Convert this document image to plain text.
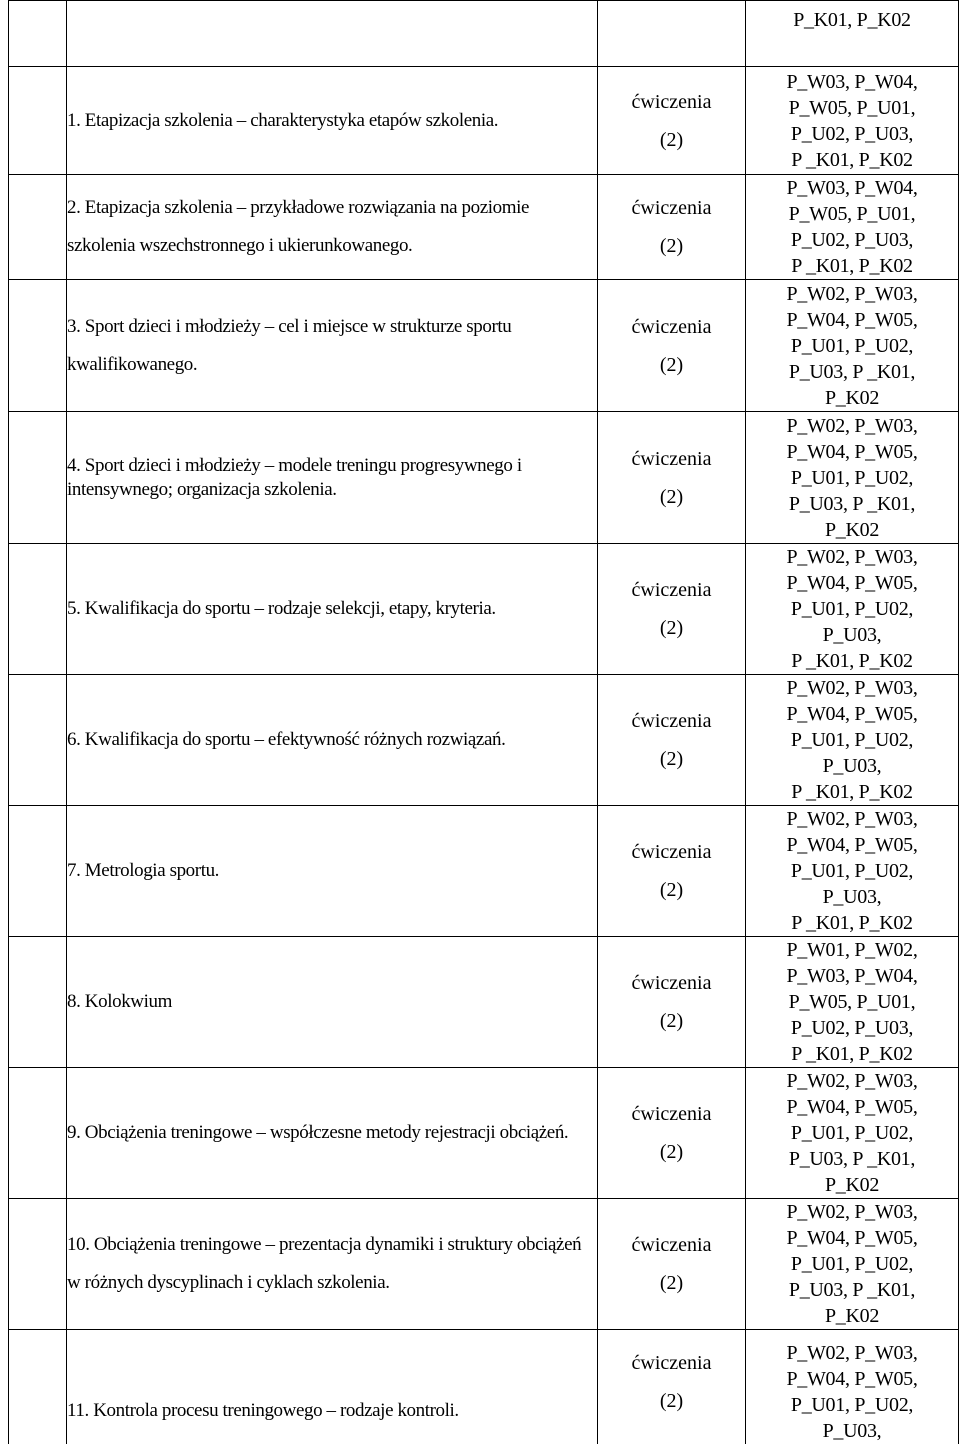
			P_K01, P_K02

	1. Etapizacja szkolenia – charakterystyka etapów szkolenia.	ćwiczenia
(2)	P_W03, P_W04,
P_W05, P_U01,
P_U02, P_U03,
P _K01, P_K02

	2. Etapizacja szkolenia – przykładowe rozwiązania na poziomie szkolenia wszechstronnego i ukierunkowanego.	ćwiczenia
(2)	P_W03, P_W04,
P_W05, P_U01,
P_U02, P_U03,
P _K01, P_K02

	3. Sport dzieci i młodzieży – cel i miejsce w strukturze sportu kwalifikowanego.	ćwiczenia
(2)	P_W02, P_W03,
P_W04, P_W05,
P_U01, P_U02,
P_U03, P _K01,
P_K02

	4. Sport dzieci i młodzieży – modele treningu progresywnego i intensywnego; organizacja szkolenia.	ćwiczenia
(2)	P_W02, P_W03,
P_W04, P_W05,
P_U01, P_U02,
P_U03, P _K01,
P_K02

	5. Kwalifikacja do sportu – rodzaje selekcji, etapy, kryteria.	ćwiczenia
(2)	P_W02, P_W03,
P_W04, P_W05,
P_U01, P_U02,
P_U03,
P _K01, P_K02

	6. Kwalifikacja do sportu – efektywność różnych rozwiązań.	ćwiczenia
(2)	P_W02, P_W03,
P_W04, P_W05,
P_U01, P_U02,
P_U03,
P _K01, P_K02

	7. Metrologia sportu.	ćwiczenia
(2)	P_W02, P_W03,
P_W04, P_W05,
P_U01, P_U02,
P_U03,
P _K01, P_K02

	8. Kolokwium	ćwiczenia
(2)	P_W01, P_W02,
P_W03, P_W04,
P_W05, P_U01,
P_U02, P_U03,
P _K01, P_K02

	9. Obciążenia treningowe – współczesne metody rejestracji obciążeń.	ćwiczenia
(2)	P_W02, P_W03,
P_W04, P_W05,
P_U01, P_U02,
P_U03, P _K01,
P_K02

	10. Obciążenia treningowe – prezentacja dynamiki i struktury obciążeń w różnych dyscyplinach i cyklach szkolenia.	ćwiczenia
(2)	P_W02, P_W03,
P_W04, P_W05,
P_U01, P_U02,
P_U03, P _K01,
P_K02

	11. Kontrola procesu treningowego – rodzaje kontroli.	ćwiczenia
(2)	P_W02, P_W03,
P_W04, P_W05,
P_U01, P_U02,
P_U03,
